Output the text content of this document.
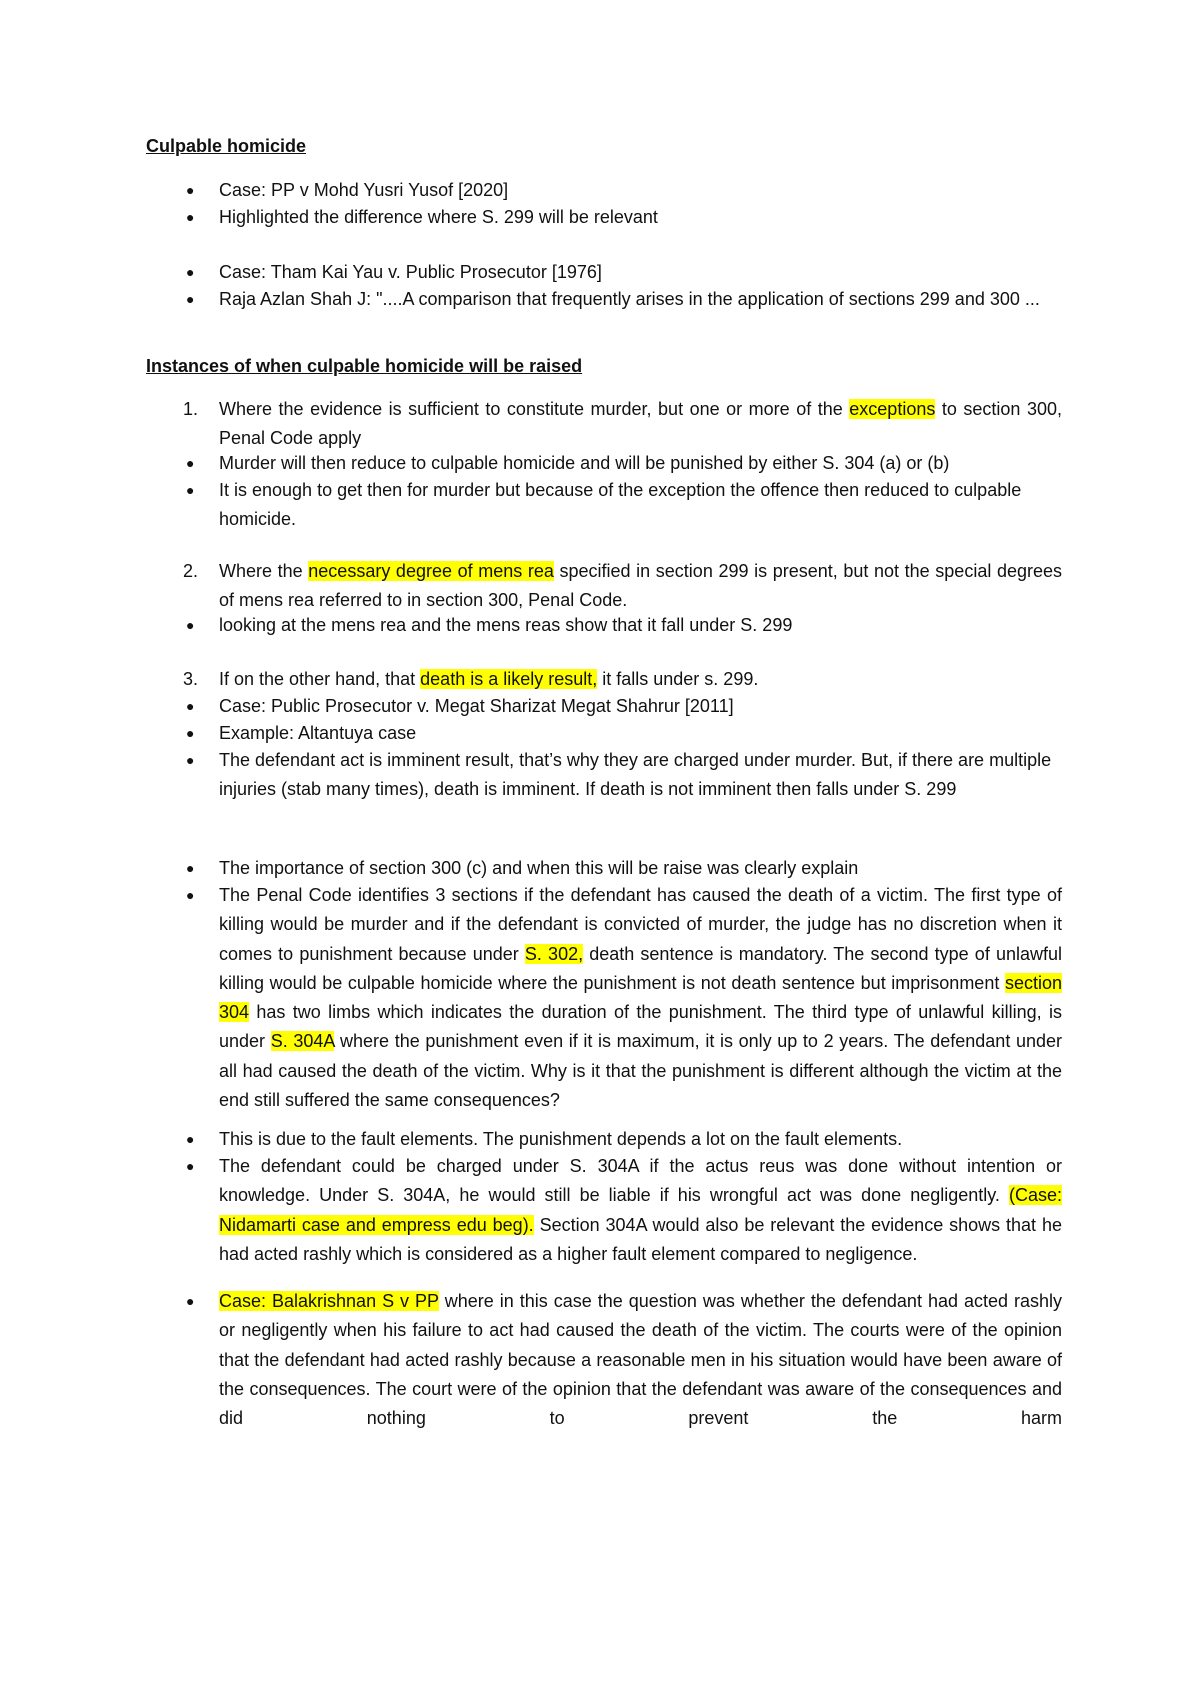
Culpable homicide
●	Case: PP v Mohd Yusri Yusof [2020]
●	Highlighted the difference where S. 299 will be relevant
●	Case: Tham Kai Yau v. Public Prosecutor [1976]
●	Raja Azlan Shah J: "....A comparison that frequently arises in the application of sections 299 and 300 ...
Instances of when culpable homicide will be raised
1. Where the evidence is sufficient to constitute murder, but one or more of the exceptions to section 300, Penal Code apply
●	Murder will then reduce to culpable homicide and will be punished by either S. 304 (a) or (b)
●	It is enough to get then for murder but because of the exception the offence then reduced to culpable homicide.
2. Where the necessary degree of mens rea specified in section 299 is present, but not the special degrees of mens rea referred to in section 300, Penal Code.
●	looking at the mens rea and the mens reas show that it fall under S. 299
3. If on the other hand, that death is a likely result, it falls under s. 299.
●	Case: Public Prosecutor v. Megat Sharizat Megat Shahrur [2011]
●	Example: Altantuya case
●	The defendant act is imminent result, that’s why they are charged under murder. But, if there are multiple injuries (stab many times), death is imminent. If death is not imminent then falls under S. 299
●	The importance of section 300 (c) and when this will be raise was clearly explain
●	The Penal Code identifies 3 sections if the defendant has caused the death of a victim. The first type of killing would be murder and if the defendant is convicted of murder, the judge has no discretion when it comes to punishment because under S. 302, death sentence is mandatory. The second type of unlawful killing would be culpable homicide where the punishment is not death sentence but imprisonment section 304 has two limbs which indicates the duration of the punishment. The third type of unlawful killing, is under S. 304A where the punishment even if it is maximum, it is only up to 2 years. The defendant under all had caused the death of the victim. Why is it that the punishment is different although the victim at the end still suffered the same consequences?
●	This is due to the fault elements. The punishment depends a lot on the fault elements.
●	The defendant could be charged under S. 304A if the actus reus was done without intention or knowledge. Under S. 304A, he would still be liable if his wrongful act was done negligently. (Case: Nidamarti case and empress edu beg). Section 304A would also be relevant the evidence shows that he had acted rashly which is considered as a higher fault element compared to negligence.
●	Case: Balakrishnan S v PP where in this case the question was whether the defendant had acted rashly or negligently when his failure to act had caused the death of the victim. The courts were of the opinion that the defendant had acted rashly because a reasonable men in his situation would have been aware of the consequences. The court were of the opinion that the defendant was aware of the consequences and did nothing to prevent the harm
